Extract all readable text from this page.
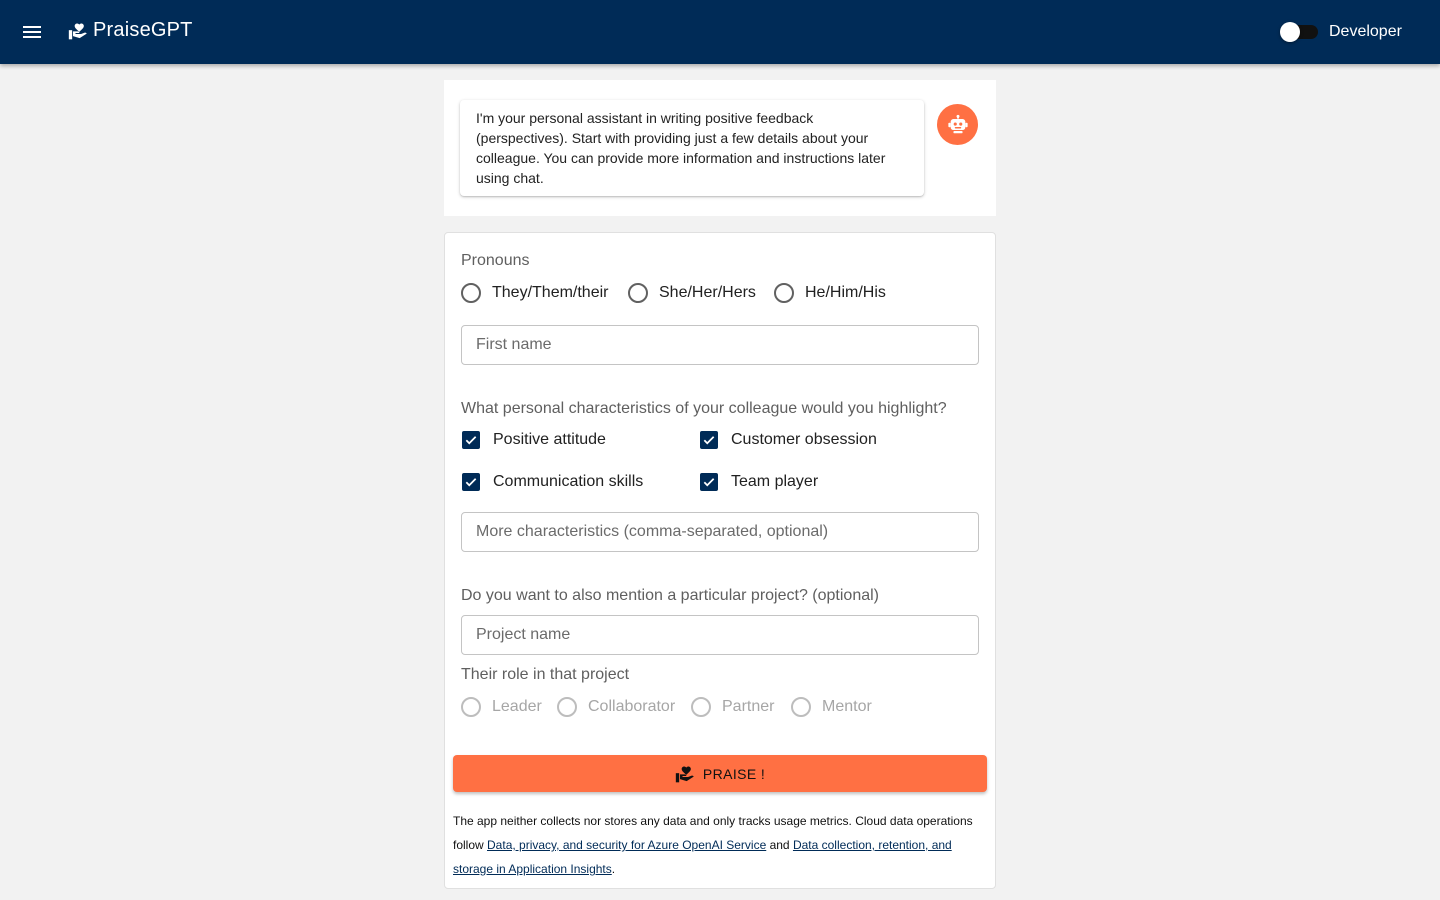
PraiseGPT	Developer
I'm your personal assistant in writing positive feedback (perspectives). Start with providing just a few details about your colleague. You can provide more information and instructions later using chat.
Pronouns
They/Them/their	She/Her/Hers	He/Him/His
First name
What personal characteristics of your colleague would you highlight?
Positive attitude	Customer obsession
Communication skills	Team player
More characteristics (comma-separated, optional)
Do you want to also mention a particular project? (optional)
Project name
Their role in that project
Leader	Collaborator	Partner	Mentor
PRAISE !

The app neither collects nor stores any data and only tracks usage metrics. Cloud data operations follow Data, privacy, and security for Azure OpenAI Service and Data collection, retention, and storage in Application Insights.
